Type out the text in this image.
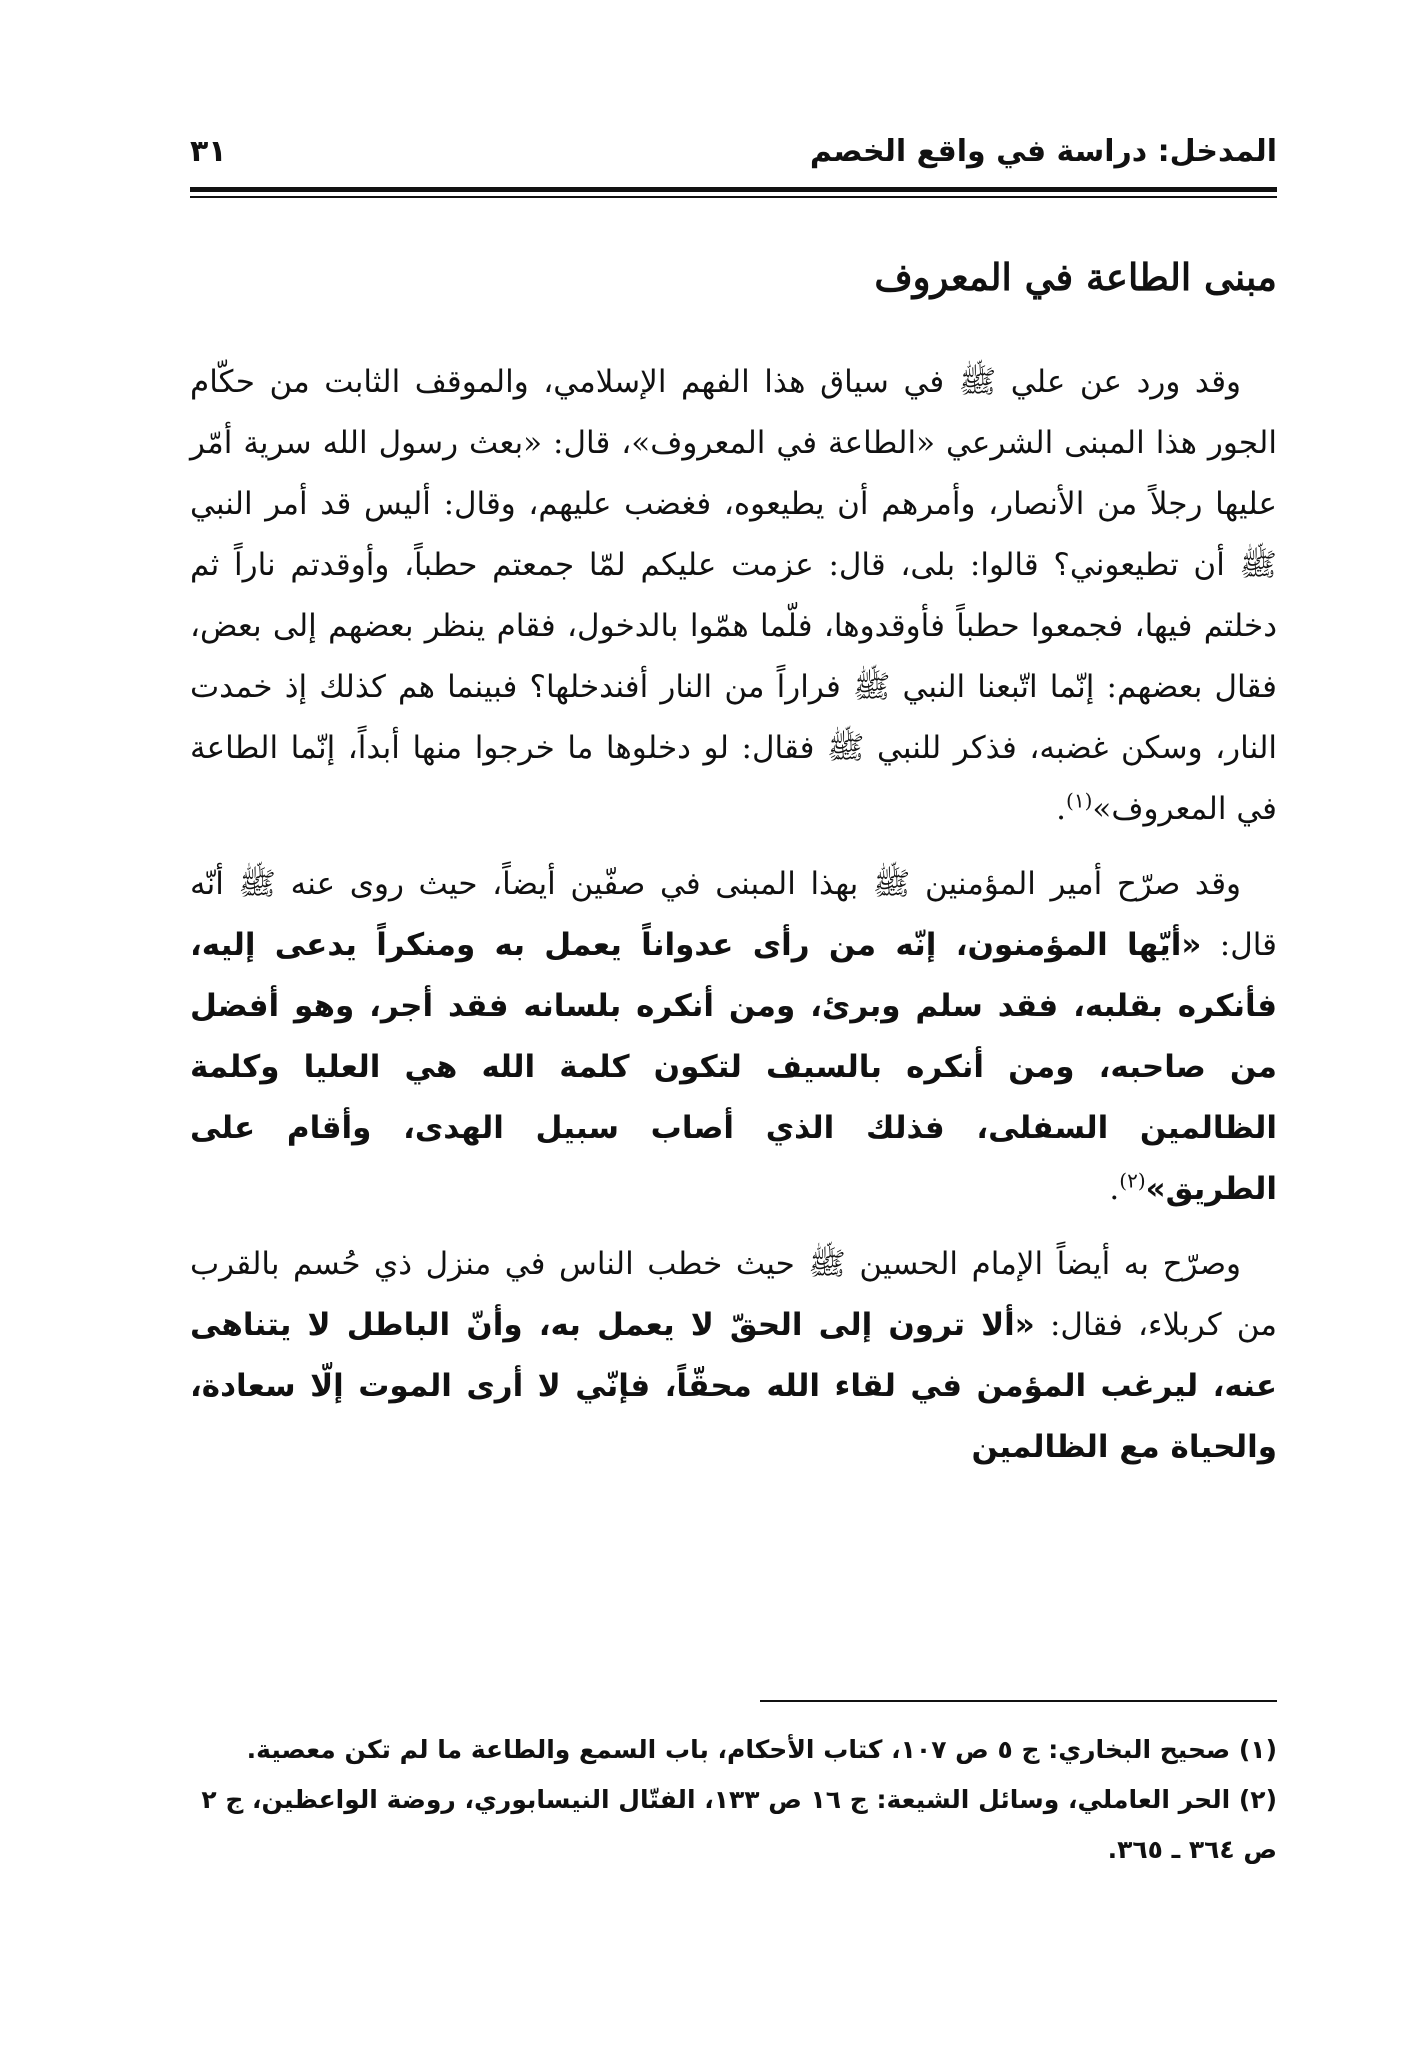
المدخل: دراسة في واقع الخصم
٣١
مبنى الطاعة في المعروف

وقد ورد عن علي ﷺ في سياق هذا الفهم الإسلامي، والموقف الثابت من حكّام الجور هذا المبنى الشرعي «الطاعة في المعروف»، قال: «بعث رسول الله سرية أمّر عليها رجلاً من الأنصار، وأمرهم أن يطيعوه، فغضب عليهم، وقال: أليس قد أمر النبي ﷺ أن تطيعوني؟ قالوا: بلى، قال: عزمت عليكم لمّا جمعتم حطباً، وأوقدتم ناراً ثم دخلتم فيها، فجمعوا حطباً فأوقدوها، فلّما همّوا بالدخول، فقام ينظر بعضهم إلى بعض، فقال بعضهم: إنّما اتّبعنا النبي ﷺ فراراً من النار أفندخلها؟ فبينما هم كذلك إذ خمدت النار، وسكن غضبه، فذكر للنبي ﷺ فقال: لو دخلوها ما خرجوا منها أبداً، إنّما الطاعة في المعروف»$^{(١)}$.

وقد صرّح أمير المؤمنين ﷺ بهذا المبنى في صفّين أيضاً، حيث روى عنه ﷺ أنّه قال: «أيّها المؤمنون، إنّه من رأى عدواناً يعمل به ومنكراً يدعى إليه، فأنكره بقلبه، فقد سلم وبرئ، ومن أنكره بلسانه فقد أجر، وهو أفضل من صاحبه، ومن أنكره بالسيف لتكون كلمة الله هي العليا وكلمة الظالمين السفلى، فذلك الذي أصاب سبيل الهدى، وأقام على الطريق»$^{(٢)}$.

وصرّح به أيضاً الإمام الحسين ﷺ حيث خطب الناس في منزل ذي حُسم بالقرب من كربلاء، فقال: «ألا ترون إلى الحقّ لا يعمل به، وأنّ الباطل لا يتناهى عنه، ليرغب المؤمن في لقاء الله محقّاً، فإنّي لا أرى الموت إلّا سعادة، والحياة مع الظالمين

(١) صحيح البخاري: ج ٥ ص ١٠٧، كتاب الأحكام، باب السمع والطاعة ما لم تكن معصية.

(٢) الحر العاملي، وسائل الشيعة: ج ١٦ ص ١٣٣، الفتّال النيسابوري، روضة الواعظين، ج ٢ ص ٣٦٤ ـ ٣٦٥.
